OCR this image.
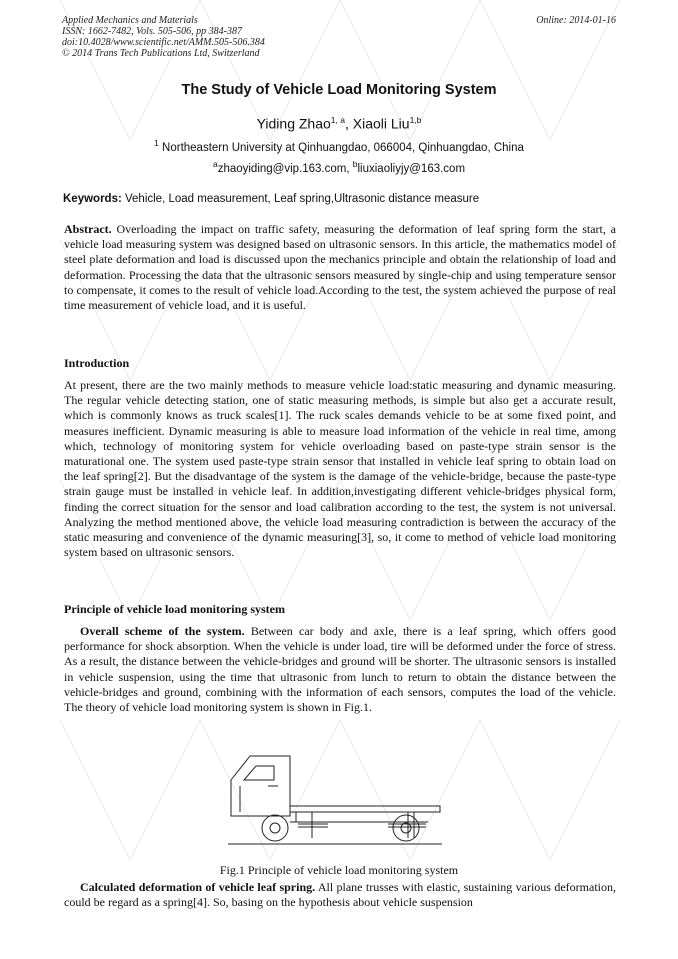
Applied Mechanics and Materials
ISSN: 1662-7482, Vols. 505-506, pp 384-387
doi:10.4028/www.scientific.net/AMM.505-506.384
© 2014 Trans Tech Publications Ltd, Switzerland
Online: 2014-01-16
The Study of Vehicle Load Monitoring System
Yiding Zhao$^{1, a}$, Xiaoli Liu$^{1,b}$
$^1$ Northeastern University at Qinhuangdao, 066004, Qinhuangdao, China
$^a$zhaoyiding@vip.163.com, $^b$liuxiaoliyjy@163.com
Keywords: Vehicle, Load measurement, Leaf spring,Ultrasonic distance measure
Abstract. Overloading the impact on traffic safety, measuring the deformation of leaf spring form the start, a vehicle load measuring system was designed based on ultrasonic sensors. In this article, the mathematics model of steel plate deformation and load is discussed upon the mechanics principle and obtain the relationship of load and deformation. Processing the data that the ultrasonic sensors measured by single-chip and using temperature sensor to compensate, it comes to the result of vehicle load.According to the test, the system achieved the purpose of real time measurement of vehicle load, and it is useful.
Introduction
At present, there are the two mainly methods to measure vehicle load:static measuring and dynamic measuring. The regular vehicle detecting station, one of static measuring methods, is simple but also get a accurate result, which is commonly knows as truck scales[1]. The ruck scales demands vehicle to be at some fixed point, and measures inefficient. Dynamic measuring is able to measure load information of the vehicle in real time, among which, technology of monitoring system for vehicle overloading based on paste-type strain sensor is the maturational one. The system used paste-type strain sensor that installed in vehicle leaf spring to obtain load on the leaf spring[2]. But the disadvantage of the system is the damage of the vehicle-bridge, because the paste-type strain gauge must be installed in vehicle leaf. In addition,investigating different vehicle-bridges physical form, finding the correct situation for the sensor and load calibration according to the test, the system is not universal. Analyzing the method mentioned above, the vehicle load measuring contradiction is between the accuracy of the static measuring and convenience of the dynamic measuring[3], so, it come to method of vehicle load monitoring system based on ultrasonic sensors.
Principle of vehicle load monitoring system
Overall scheme of the system. Between car body and axle, there is a leaf spring, which offers good performance for shock absorption. When the vehicle is under load, tire will be deformed under the force of stress. As a result, the distance between the vehicle-bridges and ground will be shorter. The ultrasonic sensors is installed in vehicle suspension, using the time that ultrasonic from lunch to return to obtain the distance between the vehicle-bridges and ground, combining with the information of each sensors, computes the load of the vehicle. The theory of vehicle load monitoring system is shown in Fig.1.
Fig.1 Principle of vehicle load monitoring system
Calculated deformation of vehicle leaf spring. All plane trusses with elastic, sustaining various deformation, could be regard as a spring[4]. So, basing on the hypothesis about vehicle suspension
